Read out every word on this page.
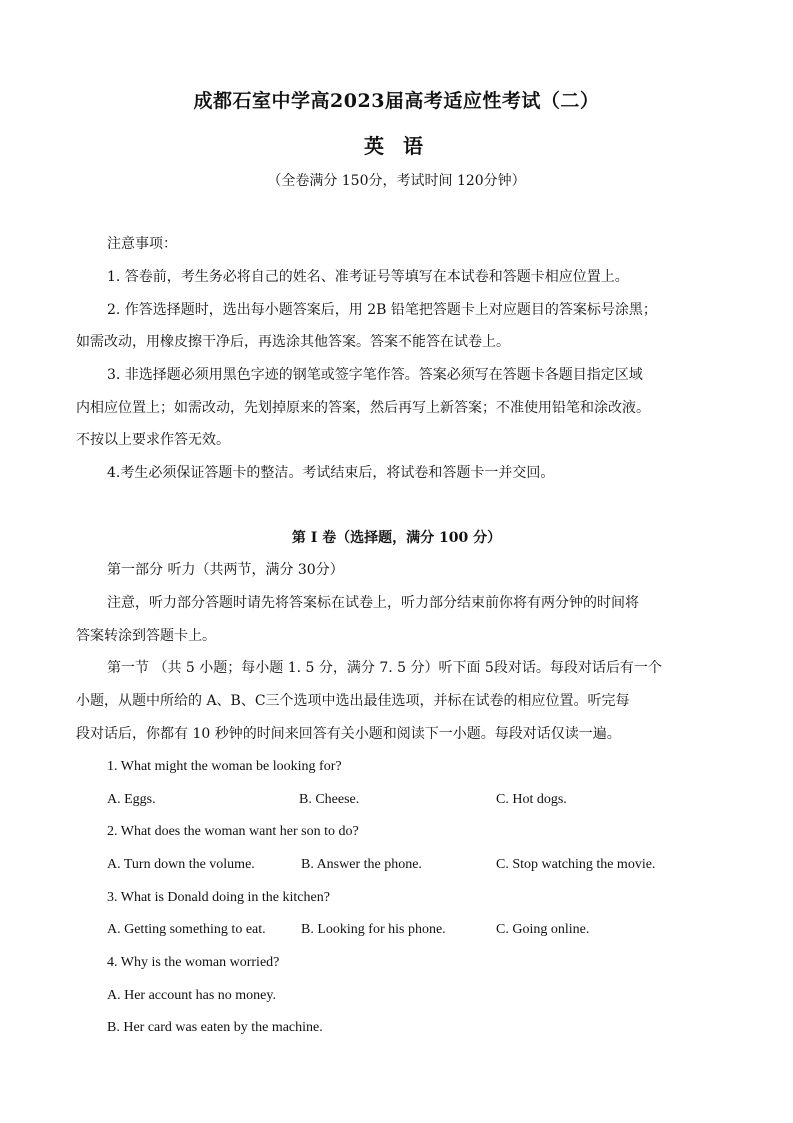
成都石室中学高2023届高考适应性考试（二）
英 语
（全卷满分 150分，考试时间 120分钟）
注意事项：
1. 答卷前，考生务必将自己的姓名、准考证号等填写在本试卷和答题卡相应位置上。
2. 作答选择题时，选出每小题答案后，用 2B 铅笔把答题卡上对应题目的答案标号涂黑；
如需改动，用橡皮擦干净后，再选涂其他答案。答案不能答在试卷上。
3. 非选择题必须用黑色字迹的钢笔或签字笔作答。答案必须写在答题卡各题目指定区域
内相应位置上；如需改动，先划掉原来的答案，然后再写上新答案；不准使用铅笔和涂改液。
不按以上要求作答无效。
4.考生必须保证答题卡的整洁。考试结束后，将试卷和答题卡一并交回。
第 I 卷（选择题，满分 100 分）
第一部分 听力（共两节，满分 30分）
注意，听力部分答题时请先将答案标在试卷上，听力部分结束前你将有两分钟的时间将
答案转涂到答题卡上。
第一节 （共 5 小题；每小题 1. 5 分，满分 7. 5 分）听下面 5段对话。每段对话后有一个
小题，从题中所给的 A、B、C三个选项中选出最佳选项，并标在试卷的相应位置。听完每
段对话后，你都有 10 秒钟的时间来回答有关小题和阅读下一小题。每段对话仅读一遍。
1. What might the woman be looking for?
A. Eggs.	B. Cheese.	C. Hot dogs.
2. What does the woman want her son to do?
A. Turn down the volume.	B. Answer the phone.	C. Stop watching the movie.
3. What is Donald doing in the kitchen?
A. Getting something to eat.	B. Looking for his phone.	C. Going online.
4. Why is the woman worried?
A. Her account has no money.
B. Her card was eaten by the machine.
